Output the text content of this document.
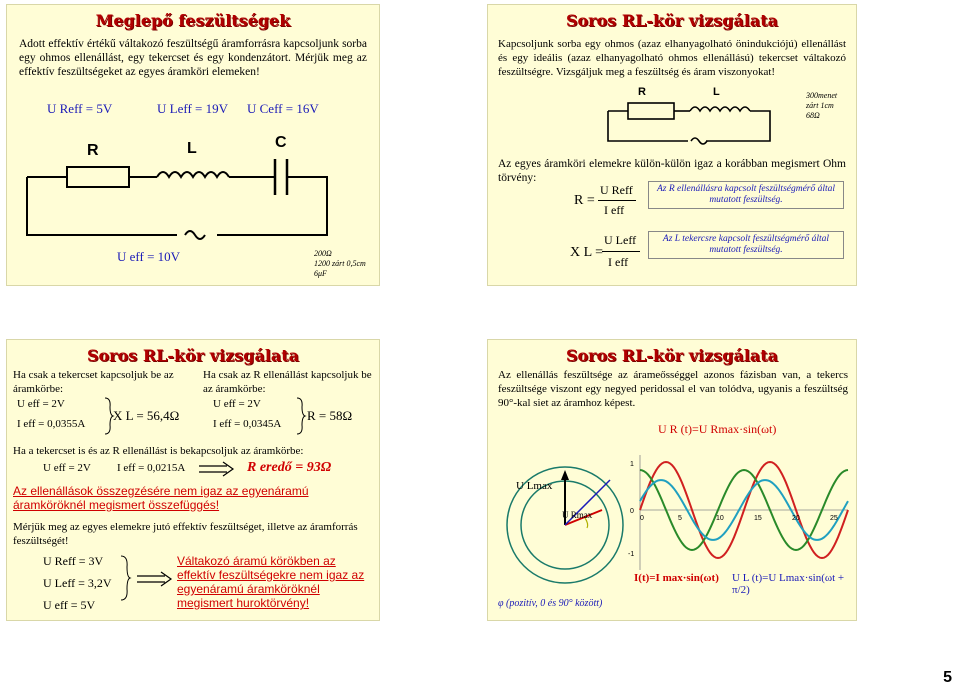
Meglepő feszültségek
Adott effektív értékű váltakozó feszültségű áramforrásra kapcsoljunk sorba egy ohmos ellenállást, egy tekercset és egy kondenzátort. Mérjük meg az effektív feszültségeket az egyes áramköri elemeken!
U Reff = 5V	U Leff = 19V U Ceff = 16V
R	L	C
U eff = 10V	200Ω
1200 zárt 0,5cm
6μF
Soros RL-kör vizsgálata
Kapcsoljunk sorba egy ohmos (azaz elhanyagolható önindukciójú) ellenállást és egy ideális (azaz elhanyagolható ohmos ellenállású) tekercset váltakozó feszültségre. Vizsgáljuk meg a feszültség és áram viszonyokat!
R	L	300menet
zárt 1cm
68Ω
Az egyes áramköri elemekre külön-külön igaz a korábban megismert Ohm törvény:
R =
U Reff
I eff
Az R ellenállásra kapcsolt feszültségmérő által mutatott feszültség.
X L =
U Leff
I eff
Az L tekercsre kapcsolt feszültségmérő által mutatott feszültség.
Soros RL-kör vizsgálata
Ha csak a tekercset kapcsoljuk be az áramkörbe:
U eff = 2V
I eff = 0,0355A
X L = 56,4Ω
Ha csak az R ellenállást kapcsoljuk be az áramkörbe:
U eff = 2V
I eff = 0,0345A
R = 58Ω
Ha a tekercset is és az R ellenállást is bekapcsoljuk az áramkörbe:
U eff = 2V I eff = 0,0215A	R eredő = 93Ω
Az ellenállások összegzésére nem igaz az egyenáramú áramköröknél megismert összefüggés!
Mérjük meg az egyes elemekre jutó effektív feszültséget, illetve az áramforrás feszültségét!
U Reff = 3V
U Leff = 3,2V
U eff = 5V
Váltakozó áramú körökben az effektív feszültségekre nem igaz az egyenáramú áramköröknél megismert huroktörvény!
Soros RL-kör vizsgálata
Az ellenállás feszültsége az árameősséggel azonos fázisban van, a tekercs feszültsége viszont egy negyed peridossal el van tolódva, ugyanis a feszültség 90°-kal siet az áramhoz képest.
U R (t)=U Rmax·sin(ωt)
U Lmax
U Rmax
1
0
-1
0	5	10	15	20	25
I(t)=I max·sin(ωt) U L (t)=U Lmax·sin(ωt + π/2)
φ (pozitív, 0 és 90° között)
5
